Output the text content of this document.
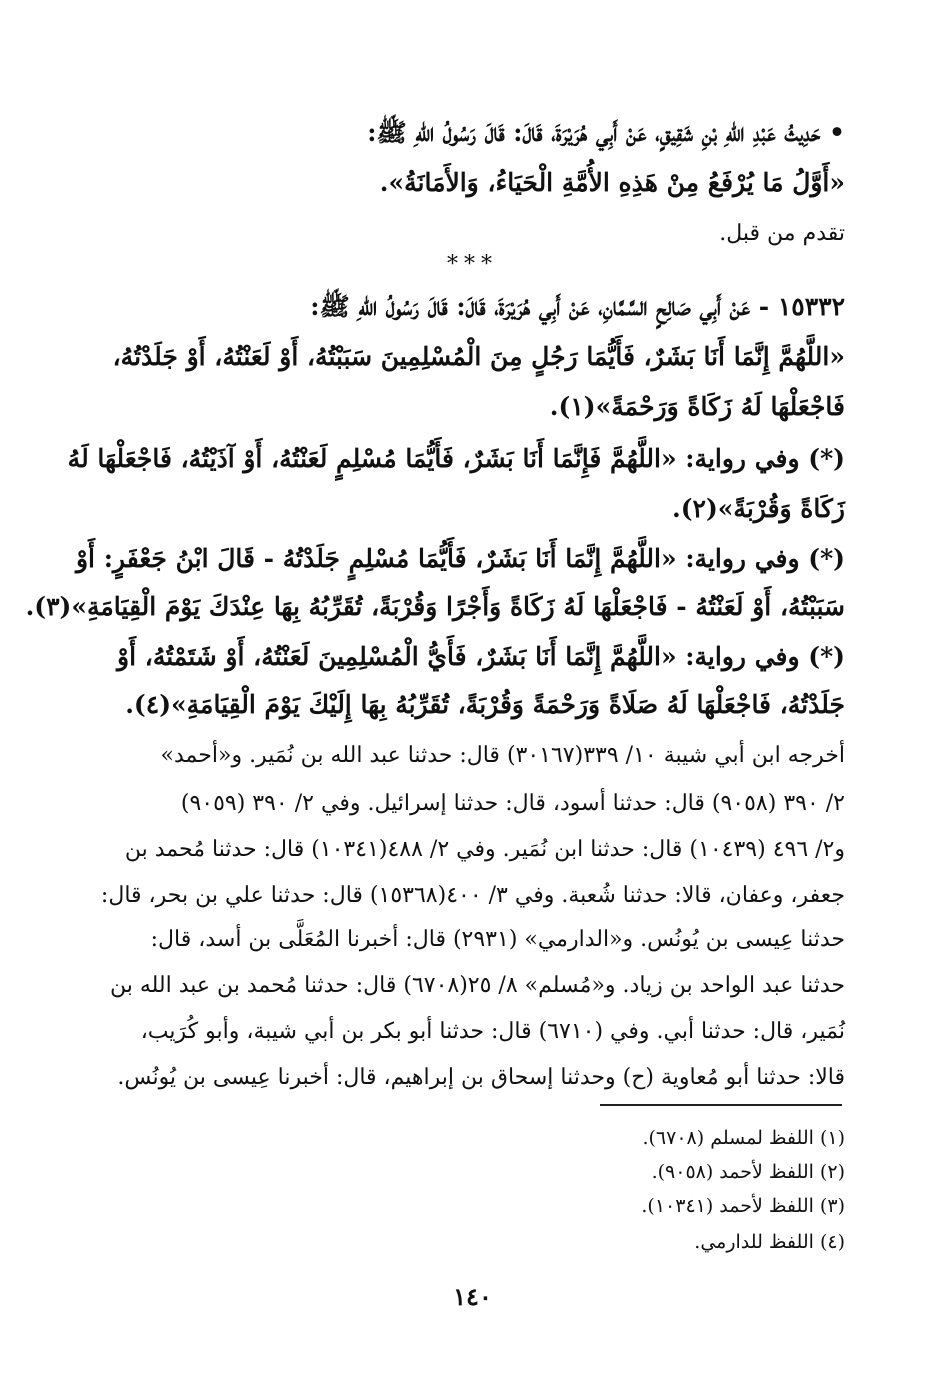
• حَدِيثُ عَبْدِ اللهِ بْنِ شَقِيقٍ، عَنْ أَبِي هُرَيْرَةَ، قَالَ: قَالَ رَسُولُ اللهِ ﷺ:
«أَوَّلُ مَا يُرْفَعُ مِنْ هَذِهِ الأُمَّةِ الْحَيَاءُ، وَالأَمَانَةُ».
تقدم من قبل.
***
١٥٣٣٢ - عَنْ أَبِي صَالِحٍ السَّمَّانِ، عَنْ أَبِي هُرَيْرَةَ، قَالَ: قَالَ رَسُولُ اللهِ ﷺ:
«اللَّهُمَّ إِنَّمَا أَنَا بَشَرٌ، فَأَيُّمَا رَجُلٍ مِنَ الْمُسْلِمِينَ سَبَبْتُهُ، أَوْ لَعَنْتُهُ، أَوْ جَلَدْتُهُ،
فَاجْعَلْهَا لَهُ زَكَاةً وَرَحْمَةً»(١).
(*) وفي رواية: «اللَّهُمَّ فَإِنَّمَا أَنَا بَشَرٌ، فَأَيُّمَا مُسْلِمٍ لَعَنْتُهُ، أَوْ آذَيْتُهُ، فَاجْعَلْهَا لَهُ
زَكَاةً وَقُرْبَةً»(٢).
(*) وفي رواية: «اللَّهُمَّ إِنَّمَا أَنَا بَشَرٌ، فَأَيُّمَا مُسْلِمٍ جَلَدْتُهُ - قَالَ ابْنُ جَعْفَرٍ: أَوْ
سَبَبْتُهُ، أَوْ لَعَنْتُهُ - فَاجْعَلْهَا لَهُ زَكَاةً وَأَجْرًا وَقُرْبَةً، تُقَرِّبُهُ بِهَا عِنْدَكَ يَوْمَ الْقِيَامَةِ»(٣).
(*) وفي رواية: «اللَّهُمَّ إِنَّمَا أَنَا بَشَرٌ، فَأَيُّ الْمُسْلِمِينَ لَعَنْتُهُ، أَوْ شَتَمْتُهُ، أَوْ
جَلَدْتُهُ، فَاجْعَلْهَا لَهُ صَلَاةً وَرَحْمَةً وَقُرْبَةً، تُقَرِّبُهُ بِهَا إِلَيْكَ يَوْمَ الْقِيَامَةِ»(٤).
أخرجه ابن أبي شيبة ١٠/ ٣٣٩(٣٠١٦٧) قال: حدثنا عبد الله بن نُمَير. و«أحمد»
٢/ ٣٩٠ (٩٠٥٨) قال: حدثنا أسود، قال: حدثنا إسرائيل. وفي ٢/ ٣٩٠ (٩٠٥٩)
و٢/ ٤٩٦ (١٠٤٣٩) قال: حدثنا ابن نُمَير. وفي ٢/ ٤٨٨(١٠٣٤١) قال: حدثنا مُحمد بن
جعفر، وعفان، قالا: حدثنا شُعبة. وفي ٣/ ٤٠٠(١٥٣٦٨) قال: حدثنا علي بن بحر، قال:
حدثنا عِيسى بن يُونُس. و«الدارمي» (٢٩٣١) قال: أخبرنا المُعَلَّى بن أسد، قال:
حدثنا عبد الواحد بن زياد. و«مُسلم» ٨/ ٢٥(٦٧٠٨) قال: حدثنا مُحمد بن عبد الله بن
نُمَير، قال: حدثنا أبي. وفي (٦٧١٠) قال: حدثنا أبو بكر بن أبي شيبة، وأبو كُرَيب،
قالا: حدثنا أبو مُعاوية (ح) وحدثنا إسحاق بن إبراهيم، قال: أخبرنا عِيسى بن يُونُس.
(١) اللفظ لمسلم (٦٧٠٨).
(٢) اللفظ لأحمد (٩٠٥٨).
(٣) اللفظ لأحمد (١٠٣٤١).
(٤) اللفظ للدارمي.
١٤٠
